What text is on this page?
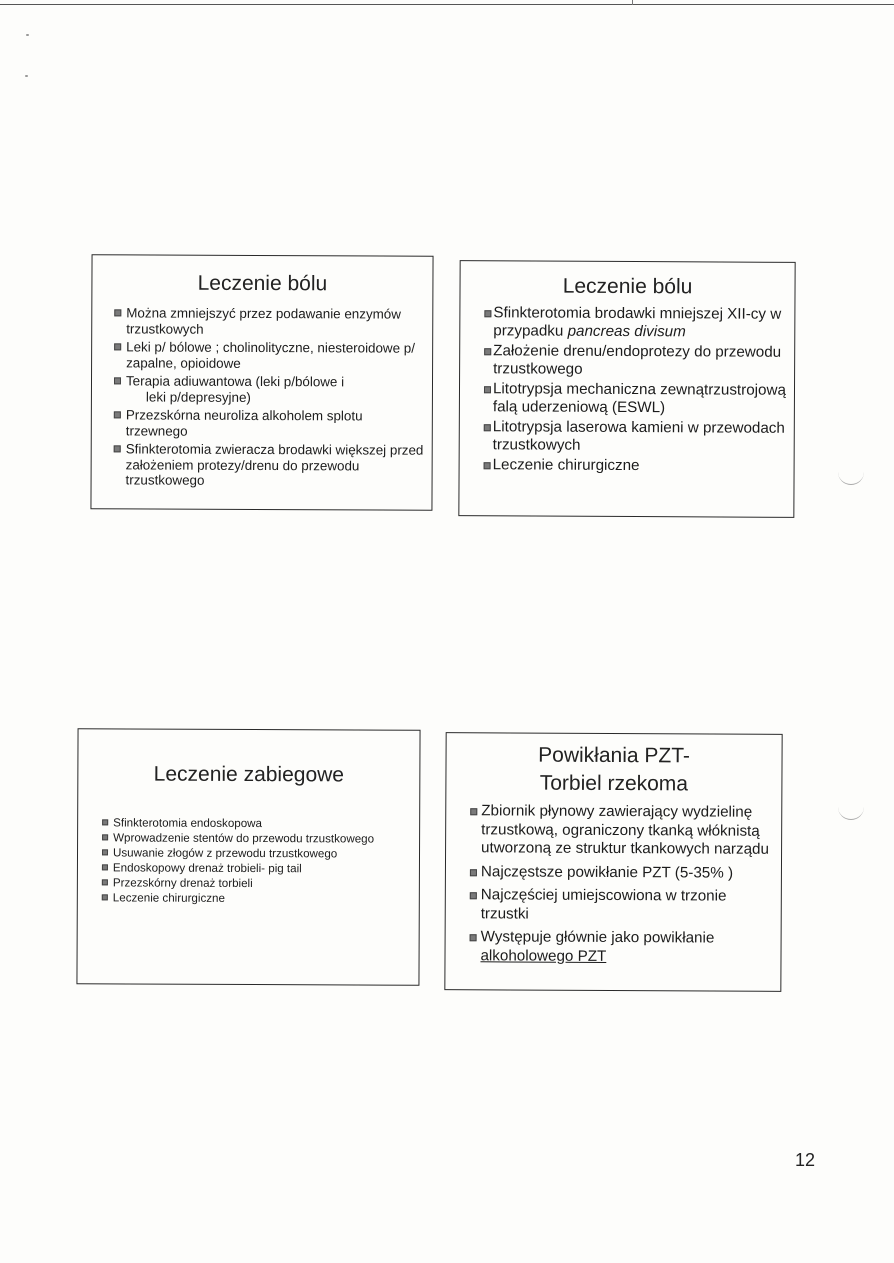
Leczenie bólu
Można zmniejszyć przez podawanie enzymów trzustkowych
Leki p/ bólowe ; cholinolityczne, niesteroidowe p/ zapalne, opioidowe
Terapia adiuwantowa (leki p/bólowe i
leki p/depresyjne)
Przezskórna neuroliza alkoholem splotu trzewnego
Sfinkterotomia zwieracza brodawki większej przed założeniem protezy/drenu do przewodu trzustkowego
Leczenie bólu
Sfinkterotomia brodawki mniejszej XII-cy w przypadku pancreas divisum
Założenie drenu/endoprotezy do przewodu trzustkowego
Litotrypsja mechaniczna zewnątrzustrojową falą uderzeniową (ESWL)
Litotrypsja laserowa kamieni w przewodach trzustkowych
Leczenie chirurgiczne
Leczenie zabiegowe
Sfinkterotomia endoskopowa
Wprowadzenie stentów do przewodu trzustkowego
Usuwanie złogów z przewodu trzustkowego
Endoskopowy drenaż trobieli- pig tail
Przezskórny drenaż torbieli
Leczenie chirurgiczne
Powikłania PZT-
Torbiel rzekoma
Zbiornik płynowy zawierający wydzielinę trzustkową, ograniczony tkanką włóknistą utworzoną ze struktur tkankowych narządu
Najczęstsze powikłanie PZT (5-35% )
Najczęściej umiejscowiona w trzonie trzustki
Występuje głównie jako powikłanie
alkoholowego PZT
12
